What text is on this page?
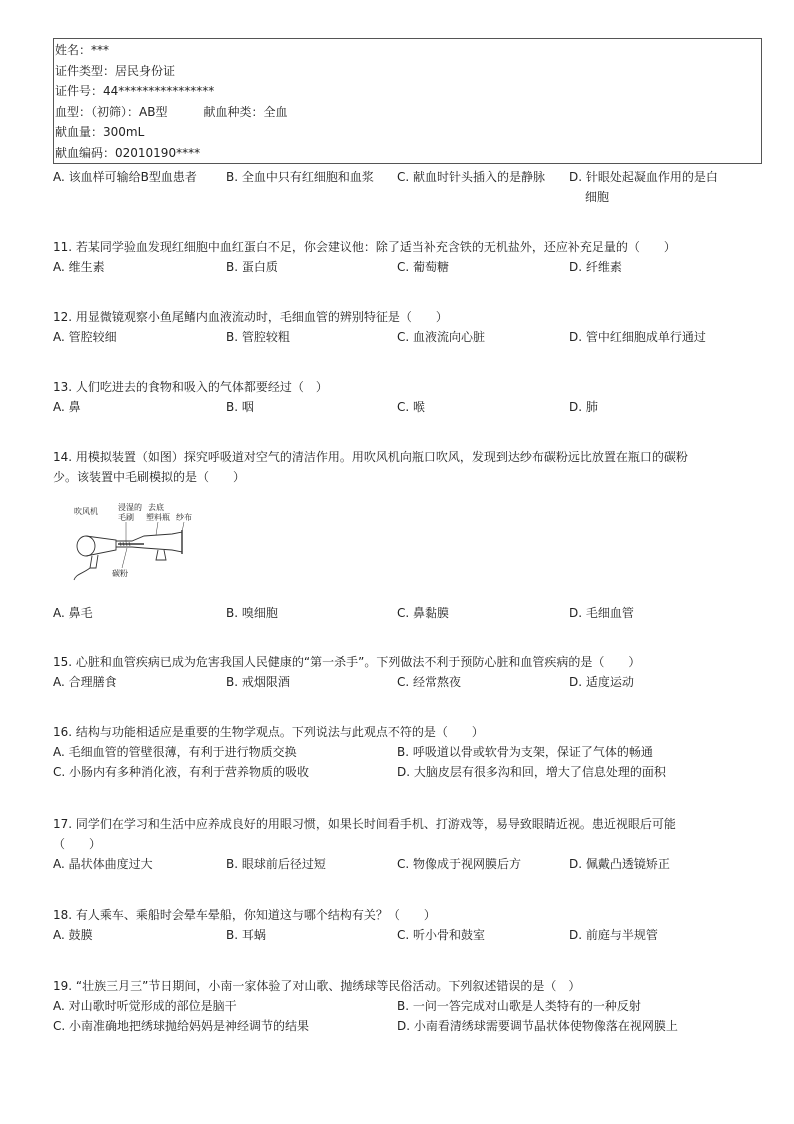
姓名：***
证件类型：居民身份证
证件号：44****************
血型：（初筛）：AB型	献血种类：全血
献血量：300mL
献血编码：02010190****
A. 该血样可输给B型血患者 B. 全血中只有红细胞和血浆 C. 献血时针头插入的是静脉 D. 针眼处起凝血作用的是白
细胞
11. 若某同学验血发现红细胞中血红蛋白不足，你会建议他：除了适当补充含铁的无机盐外，还应补充足量的（　　）
A. 维生素	B. 蛋白质	C. 葡萄糖	D. 纤维素
12. 用显微镜观察小鱼尾鳍内血液流动时，毛细血管的辨别特征是（　　）
A. 管腔较细	B. 管腔较粗	C. 血液流向心脏	D. 管中红细胞成单行通过
13. 人们吃进去的食物和吸入的气体都要经过（　）
A. 鼻	B. 咽	C. 喉	D. 肺
14. 用模拟装置（如图）探究呼吸道对空气的清洁作用。用吹风机向瓶口吹风，发现到达纱布碳粉远比放置在瓶口的碳粉
少。该装置中毛刷模拟的是（　　）
吹风机	浸湿的
毛刷
去底
塑料瓶 纱布
碳粉
A. 鼻毛	B. 嗅细胞	C. 鼻黏膜	D. 毛细血管
15. 心脏和血管疾病已成为危害我国人民健康的“第一杀手”。下列做法不利于预防心脏和血管疾病的是（　　）
A. 合理膳食	B. 戒烟限酒	C. 经常熬夜	D. 适度运动
16. 结构与功能相适应是重要的生物学观点。下列说法与此观点不符的是（　　）
A. 毛细血管的管壁很薄，有利于进行物质交换	B. 呼吸道以骨或软骨为支架，保证了气体的畅通
C. 小肠内有多种消化液，有利于营养物质的吸收	D. 大脑皮层有很多沟和回，增大了信息处理的面积
17. 同学们在学习和生活中应养成良好的用眼习惯，如果长时间看手机、打游戏等，易导致眼睛近视。患近视眼后可能
（　　）
A. 晶状体曲度过大	B. 眼球前后径过短	C. 物像成于视网膜后方	D. 佩戴凸透镜矫正
18. 有人乘车、乘船时会晕车晕船，你知道这与哪个结构有关？（　　）
A. 鼓膜	B. 耳蜗	C. 听小骨和鼓室	D. 前庭与半规管
19. “壮族三月三”节日期间，小南一家体验了对山歌、抛绣球等民俗活动。下列叙述错误的是（　）
A. 对山歌时听觉形成的部位是脑干	B. 一问一答完成对山歌是人类特有的一种反射
C. 小南准确地把绣球抛给妈妈是神经调节的结果	D. 小南看清绣球需要调节晶状体使物像落在视网膜上
